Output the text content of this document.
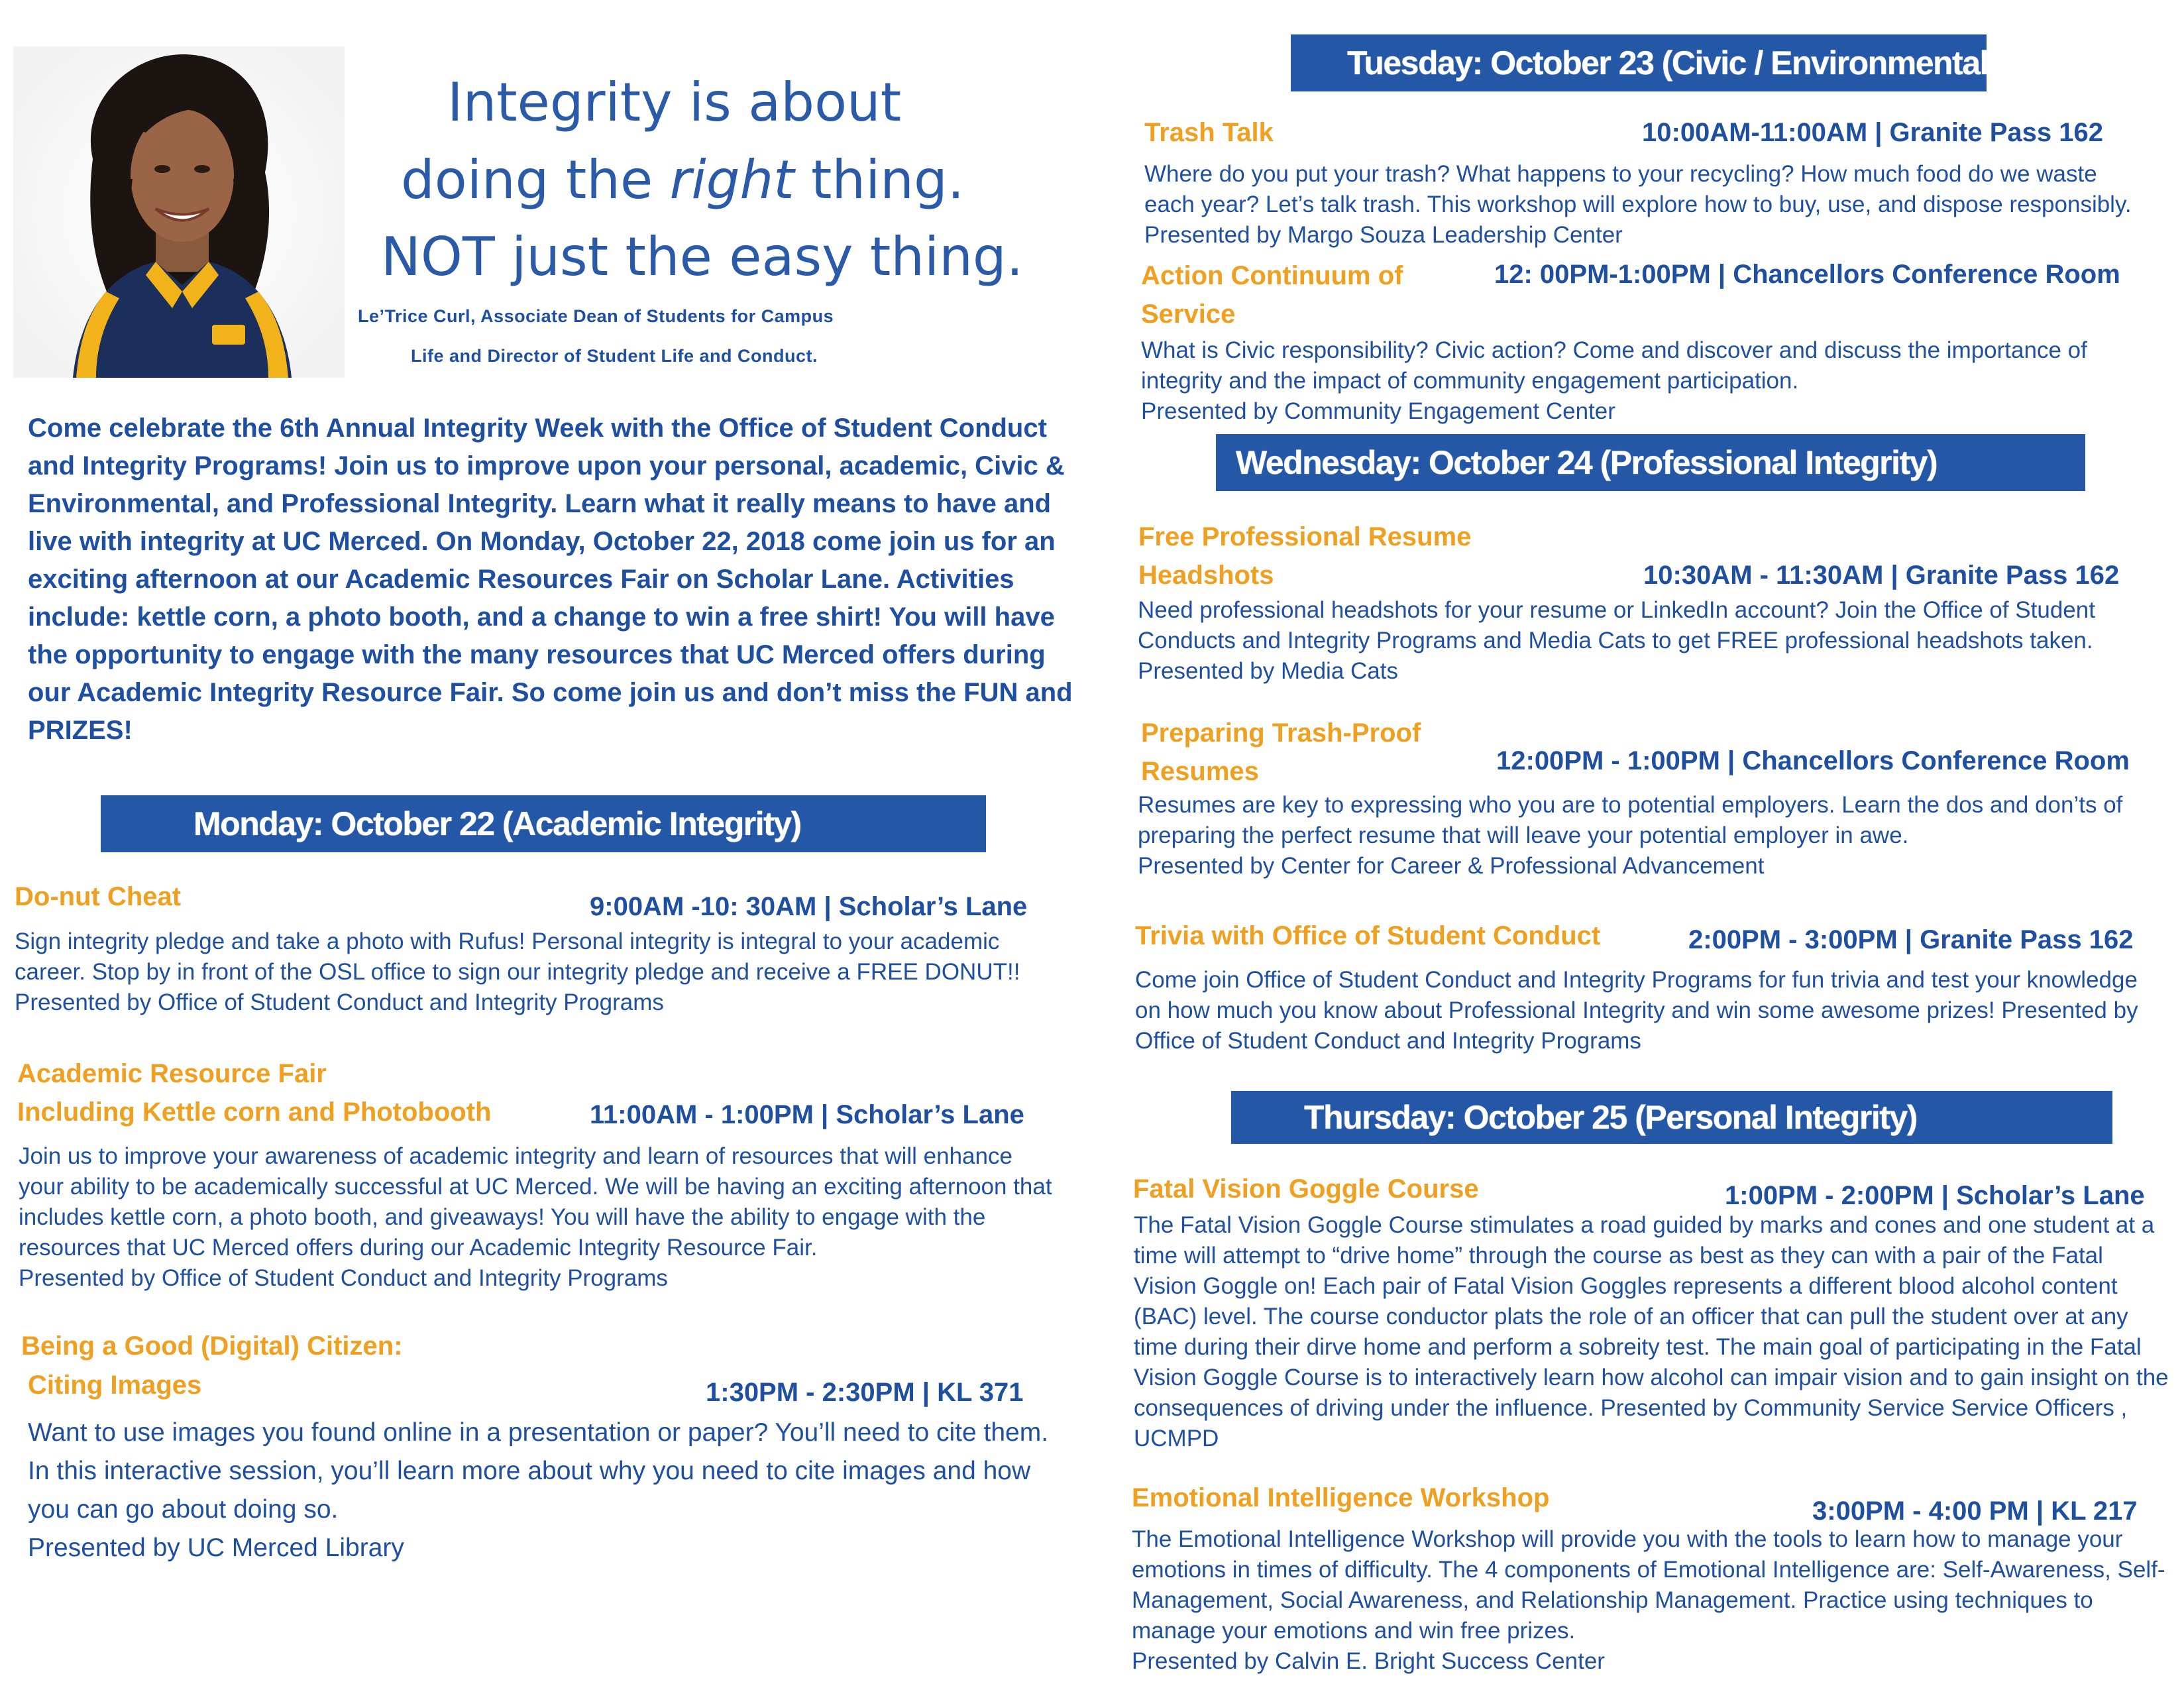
Integrity is about
doing the right thing.
NOT just the easy thing.
Le’Trice Curl, Associate Dean of Students for Campus
Life and Director of Student Life and Conduct.
Come celebrate the 6th Annual Integrity Week with the Office of Student Conduct and Integrity Programs! Join us to improve upon your personal, academic, Civic & Environmental, and Professional Integrity. Learn what it really means to have and live with integrity at UC Merced. On Monday, October 22, 2018 come join us for an exciting afternoon at our Academic Resources Fair on Scholar Lane. Activities include: kettle corn, a photo booth, and a change to win a free shirt! You will have the opportunity to engage with the many resources that UC Merced offers during our Academic Integrity Resource Fair. So come join us and don’t miss the FUN and PRIZES!
Monday: October 22 (Academic Integrity)
Do-nut Cheat	9:00AM -10: 30AM | Scholar’s Lane

Sign integrity pledge and take a photo with Rufus! Personal integrity is integral to your academic career. Stop by in front of the OSL office to sign our integrity pledge and receive a FREE DONUT!!

Presented by Office of Student Conduct and Integrity Programs

Academic Resource Fair
Including Kettle corn and Photobooth	11:00AM - 1:00PM | Scholar’s Lane

Join us to improve your awareness of academic integrity and learn of resources that will enhance your ability to be academically successful at UC Merced. We will be having an exciting afternoon that includes kettle corn, a photo booth, and giveaways! You will have the ability to engage with the resources that UC Merced offers during our Academic Integrity Resource Fair.

Presented by Office of Student Conduct and Integrity Programs

Being a Good (Digital) Citizen:
Citing Images	1:30PM - 2:30PM | KL 371

Want to use images you found online in a presentation or paper? You’ll need to cite them. In this interactive session, you’ll learn more about why you need to cite images and how you can go about doing so.

Presented by UC Merced Library

Tuesday: October 23 (Civic / Environmental)
Trash Talk	10:00AM-11:00AM | Granite Pass 162

Where do you put your trash? What happens to your recycling? How much food do we waste each year? Let’s talk trash. This workshop will explore how to buy, use, and dispose responsibly. Presented by Margo Souza Leadership Center

Action Continuum of
Service
12: 00PM-1:00PM | Chancellors Conference Room

What is Civic responsibility? Civic action? Come and discover and discuss the importance of integrity and the impact of community engagement participation.

Presented by Community Engagement Center

Wednesday: October 24 (Professional Integrity)
Free Professional Resume
Headshots	10:30AM - 11:30AM | Granite Pass 162

Need professional headshots for your resume or LinkedIn account? Join the Office of Student Conducts and Integrity Programs and Media Cats to get FREE professional headshots taken. Presented by Media Cats

Preparing Trash-Proof
Resumes	12:00PM - 1:00PM | Chancellors Conference Room

Resumes are key to expressing who you are to potential employers. Learn the dos and don’ts of preparing the perfect resume that will leave your potential employer in awe.

Presented by Center for Career & Professional Advancement

Trivia with Office of Student Conduct	2:00PM - 3:00PM | Granite Pass 162

Come join Office of Student Conduct and Integrity Programs for fun trivia and test your knowledge on how much you know about Professional Integrity and win some awesome prizes! Presented by Office of Student Conduct and Integrity Programs

Thursday: October 25 (Personal Integrity)
Fatal Vision Goggle Course	1:00PM - 2:00PM | Scholar’s Lane

The Fatal Vision Goggle Course stimulates a road guided by marks and cones and one student at a time will attempt to “drive home” through the course as best as they can with a pair of the Fatal Vision Goggle on! Each pair of Fatal Vision Goggles represents a different blood alcohol content (BAC) level. The course conductor plats the role of an officer that can pull the student over at any time during their dirve home and perform a sobreity test. The main goal of participating in the Fatal Vision Goggle Course is to interactively learn how alcohol can impair vision and to gain insight on the consequences of driving under the influence. Presented by Community Service Service Officers , UCMPD

Emotional Intelligence Workshop	3:00PM - 4:00 PM | KL 217

The Emotional Intelligence Workshop will provide you with the tools to learn how to manage your emotions in times of difficulty. The 4 components of Emotional Intelligence are: Self-Awareness, Self-Management, Social Awareness, and Relationship Management. Practice using techniques to manage your emotions and win free prizes.

Presented by Calvin E. Bright Success Center
